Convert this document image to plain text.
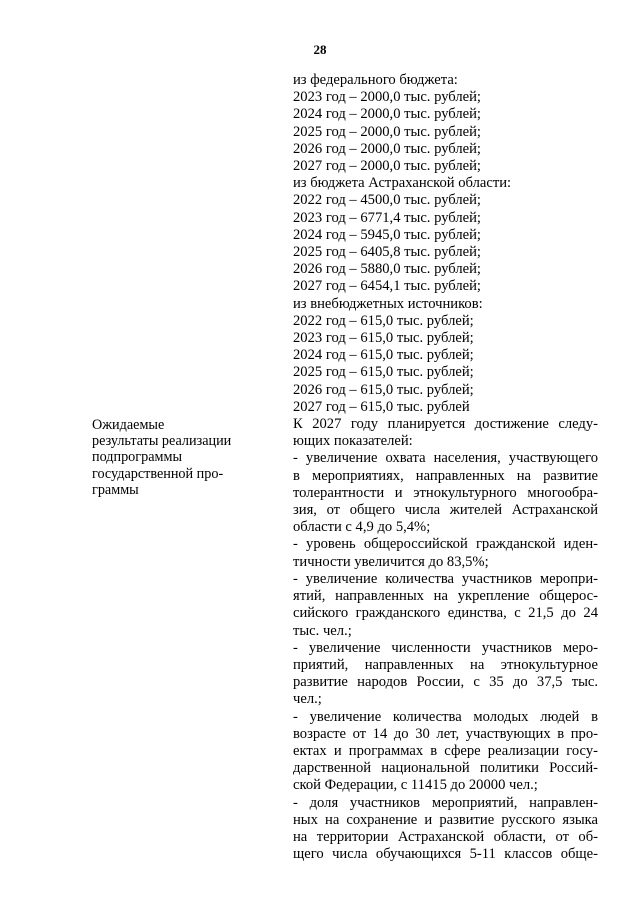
28
Ожидаемые
результаты реализации
подпрограммы
государственной про-
граммы
из федерального бюджета:
2023 год – 2000,0 тыс. рублей;
2024 год – 2000,0 тыс. рублей;
2025 год – 2000,0 тыс. рублей;
2026 год – 2000,0 тыс. рублей;
2027 год – 2000,0 тыс. рублей;
из бюджета Астраханской области:
2022 год – 4500,0 тыс. рублей;
2023 год – 6771,4 тыс. рублей;
2024 год – 5945,0 тыс. рублей;
2025 год – 6405,8 тыс. рублей;
2026 год – 5880,0 тыс. рублей;
2027 год – 6454,1 тыс. рублей;
из внебюджетных источников:
2022 год – 615,0 тыс. рублей;
2023 год – 615,0 тыс. рублей;
2024 год – 615,0 тыс. рублей;
2025 год – 615,0 тыс. рублей;
2026 год – 615,0 тыс. рублей;
2027 год – 615,0 тыс. рублей
К 2027 году планируется достижение следу-
ющих показателей:
- увеличение охвата населения, участвующего
в мероприятиях, направленных на развитие
толерантности и этнокультурного многообра-
зия, от общего числа жителей Астраханской
области с 4,9 до 5,4%;
- уровень общероссийской гражданской иден-
тичности увеличится до 83,5%;
- увеличение количества участников меропри-
ятий, направленных на укрепление общерос-
сийского гражданского единства, с 21,5 до 24
тыс. чел.;
- увеличение численности участников меро-
приятий, направленных на этнокультурное
развитие народов России, с 35 до 37,5 тыс.
чел.;
- увеличение количества молодых людей в
возрасте от 14 до 30 лет, участвующих в про-
ектах и программах в сфере реализации госу-
дарственной национальной политики Россий-
ской Федерации, с 11415 до 20000 чел.;
- доля участников мероприятий, направлен-
ных на сохранение и развитие русского языка
на территории Астраханской области, от об-
щего числа обучающихся 5-11 классов обще-
